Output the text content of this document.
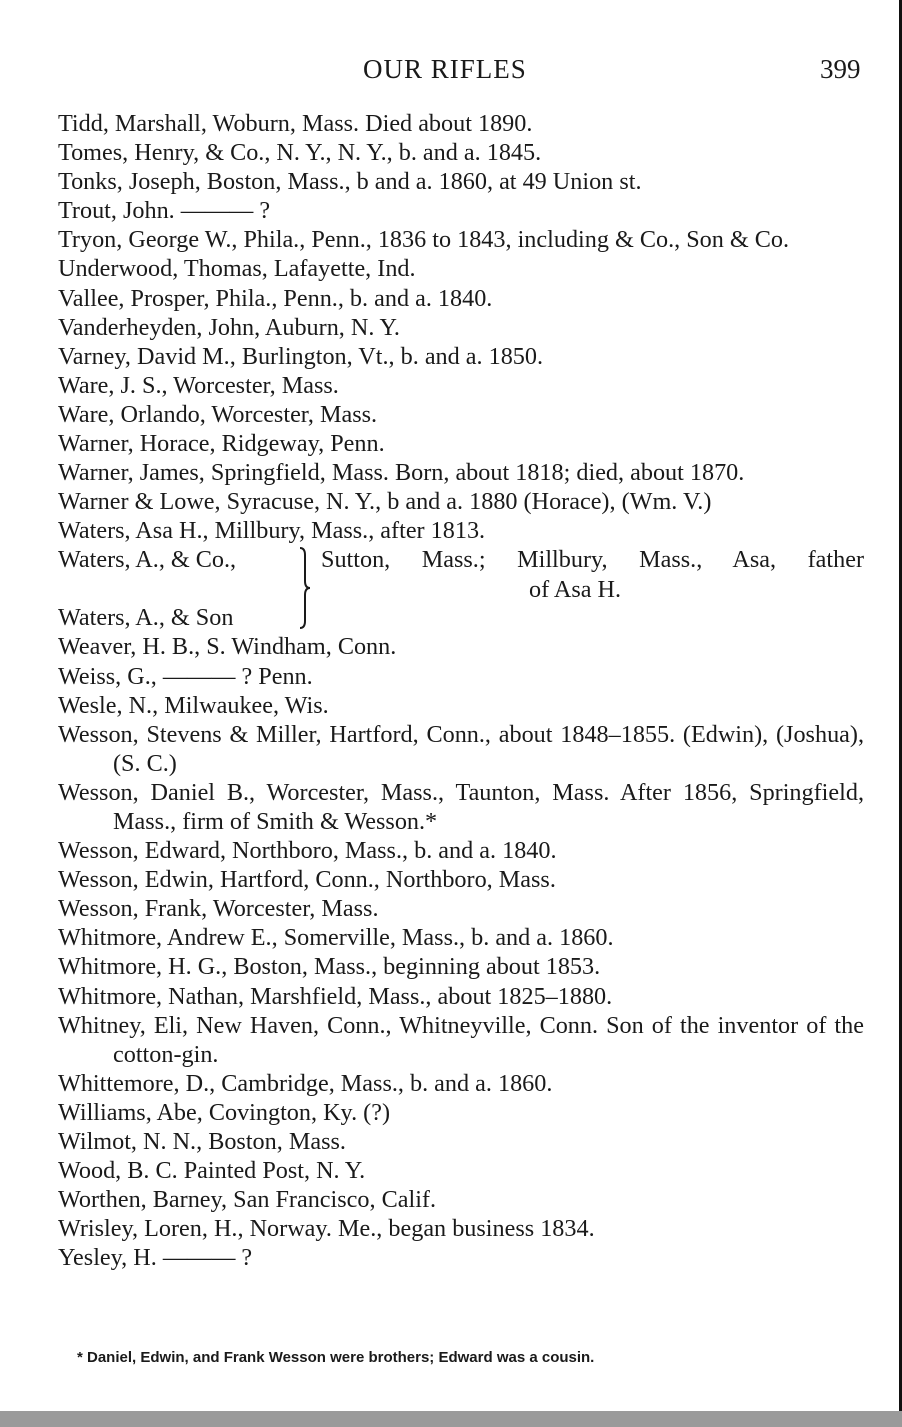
OUR RIFLES	399
Tidd, Marshall, Woburn, Mass. Died about 1890.
Tomes, Henry, & Co., N. Y., N. Y., b. and a. 1845.
Tonks, Joseph, Boston, Mass., b and a. 1860, at 49 Union st.
Trout, John. ——— ?
Tryon, George W., Phila., Penn., 1836 to 1843, including & Co., Son & Co.
Underwood, Thomas, Lafayette, Ind.
Vallee, Prosper, Phila., Penn., b. and a. 1840.
Vanderheyden, John, Auburn, N. Y.
Varney, David M., Burlington, Vt., b. and a. 1850.
Ware, J. S., Worcester, Mass.
Ware, Orlando, Worcester, Mass.
Warner, Horace, Ridgeway, Penn.
Warner, James, Springfield, Mass. Born, about 1818; died, about 1870.
Warner & Lowe, Syracuse, N. Y., b and a. 1880 (Horace), (Wm. V.)
Waters, Asa H., Millbury, Mass., after 1813.
Waters, A., & Co.,
Waters, A., & Son
Sutton, Mass.; Millbury, Mass., Asa, father
of Asa H.
Weaver, H. B., S. Windham, Conn.
Weiss, G., ——— ? Penn.
Wesle, N., Milwaukee, Wis.
Wesson, Stevens & Miller, Hartford, Conn., about 1848–1855. (Edwin), (Joshua), (S. C.)
Wesson, Daniel B., Worcester, Mass., Taunton, Mass. After 1856, Springfield, Mass., firm of Smith & Wesson.*
Wesson, Edward, Northboro, Mass., b. and a. 1840.
Wesson, Edwin, Hartford, Conn., Northboro, Mass.
Wesson, Frank, Worcester, Mass.
Whitmore, Andrew E., Somerville, Mass., b. and a. 1860.
Whitmore, H. G., Boston, Mass., beginning about 1853.
Whitmore, Nathan, Marshfield, Mass., about 1825–1880.
Whitney, Eli, New Haven, Conn., Whitneyville, Conn. Son of the inventor of the cotton-gin.
Whittemore, D., Cambridge, Mass., b. and a. 1860.
Williams, Abe, Covington, Ky. (?)
Wilmot, N. N., Boston, Mass.
Wood, B. C. Painted Post, N. Y.
Worthen, Barney, San Francisco, Calif.
Wrisley, Loren, H., Norway. Me., began business 1834.
Yesley, H. ——— ?
* Daniel, Edwin, and Frank Wesson were brothers; Edward was a cousin.
